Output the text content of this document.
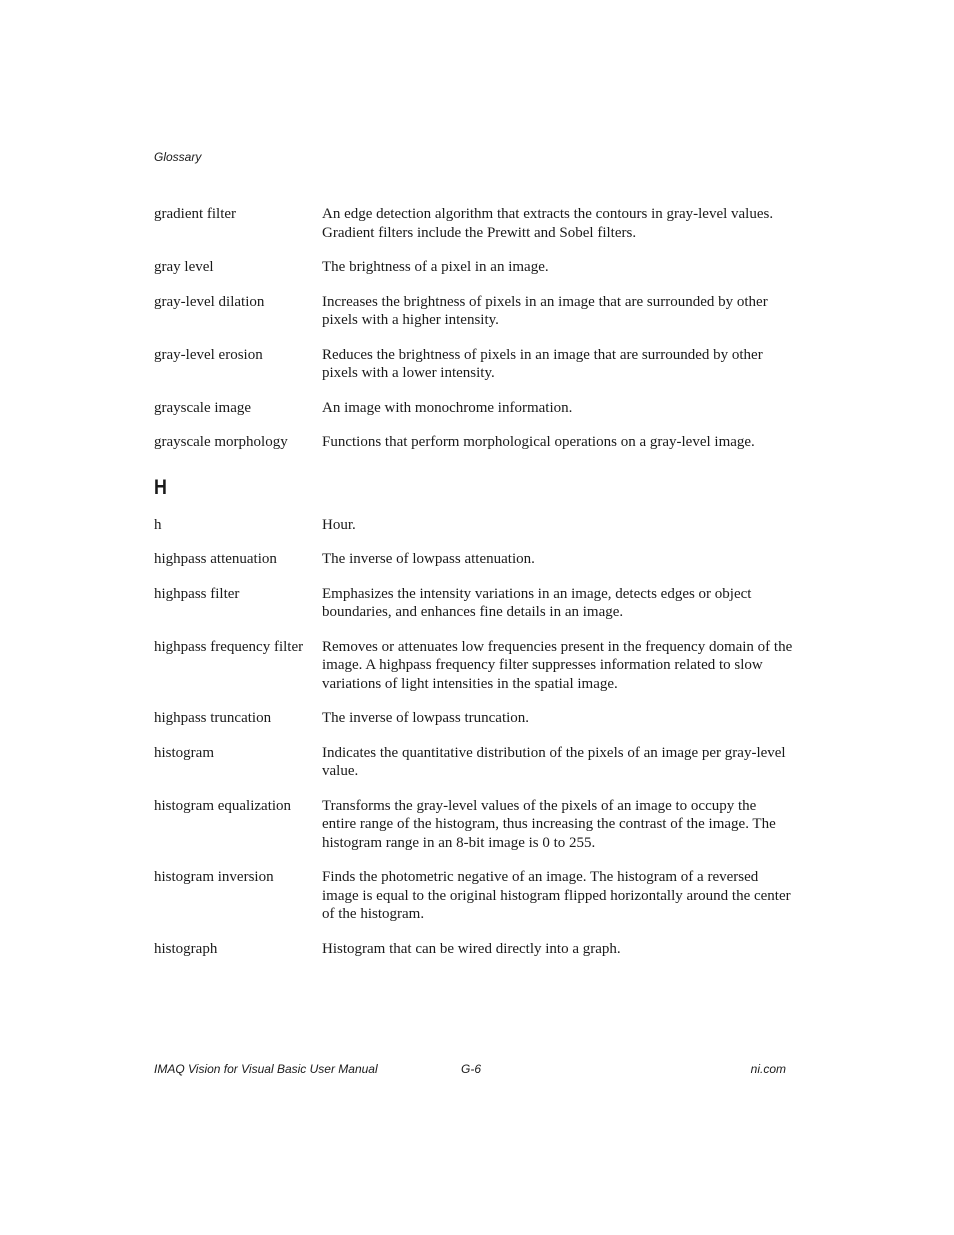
Glossary
gradient filter	An edge detection algorithm that extracts the contours in gray-level values. Gradient filters include the Prewitt and Sobel filters.
gray level	The brightness of a pixel in an image.
gray-level dilation	Increases the brightness of pixels in an image that are surrounded by other pixels with a higher intensity.
gray-level erosion	Reduces the brightness of pixels in an image that are surrounded by other pixels with a lower intensity.
grayscale image	An image with monochrome information.
grayscale morphology	Functions that perform morphological operations on a gray-level image.
H
h	Hour.
highpass attenuation	The inverse of lowpass attenuation.
highpass filter	Emphasizes the intensity variations in an image, detects edges or object boundaries, and enhances fine details in an image.
highpass frequency filter	Removes or attenuates low frequencies present in the frequency domain of the image. A highpass frequency filter suppresses information related to slow variations of light intensities in the spatial image.
highpass truncation	The inverse of lowpass truncation.
histogram	Indicates the quantitative distribution of the pixels of an image per gray-level value.
histogram equalization	Transforms the gray-level values of the pixels of an image to occupy the entire range of the histogram, thus increasing the contrast of the image. The histogram range in an 8-bit image is 0 to 255.
histogram inversion	Finds the photometric negative of an image. The histogram of a reversed image is equal to the original histogram flipped horizontally around the center of the histogram.
histograph	Histogram that can be wired directly into a graph.
IMAQ Vision for Visual Basic User Manual	G-6	ni.com
